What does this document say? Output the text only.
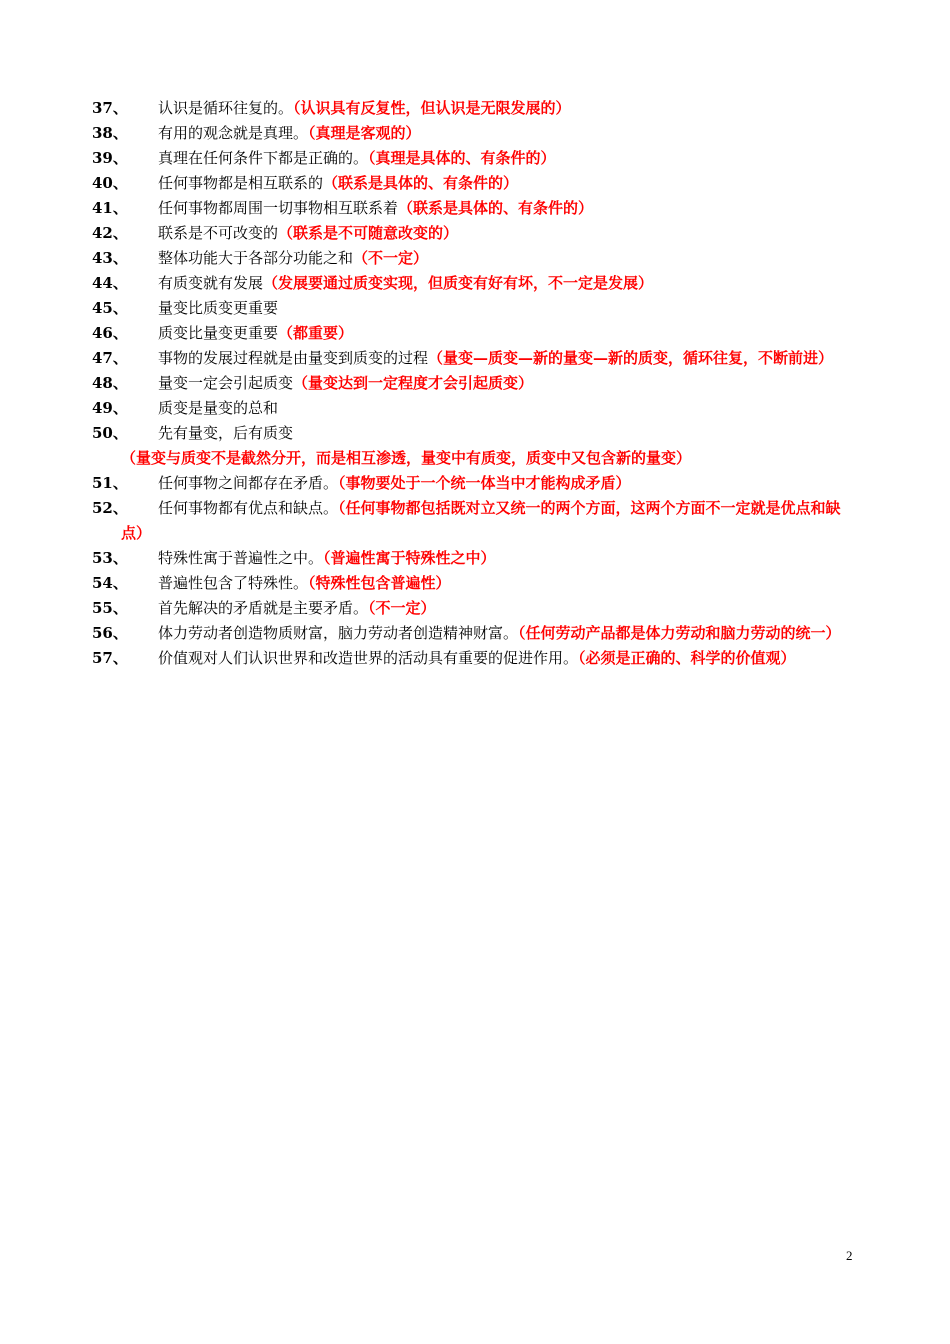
37、	认识是循环往复的。（认识具有反复性，但认识是无限发展的）

38、	有用的观念就是真理。（真理是客观的）

39、	真理在任何条件下都是正确的。（真理是具体的、有条件的）

40、	任何事物都是相互联系的（联系是具体的、有条件的）

41、	任何事物都周围一切事物相互联系着（联系是具体的、有条件的）

42、	联系是不可改变的（联系是不可随意改变的）

43、	整体功能大于各部分功能之和（不一定）

44、	有质变就有发展（发展要通过质变实现，但质变有好有坏，不一定是发展）

45、	量变比质变更重要

46、	质变比量变更重要（都重要）

47、	事物的发展过程就是由量变到质变的过程（量变—质变—新的量变—新的质变，循环往复，不断前进）

48、	量变一定会引起质变（量变达到一定程度才会引起质变）

49、	质变是量变的总和

50、	先有量变，后有质变（量变与质变不是截然分开，而是相互渗透，量变中有质变，质变中又包含新的量变）

51、	任何事物之间都存在矛盾。（事物要处于一个统一体当中才能构成矛盾）

52、	任何事物都有优点和缺点。（任何事物都包括既对立又统一的两个方面，这两个方面不一定就是优点和缺点）

53、	特殊性寓于普遍性之中。（普遍性寓于特殊性之中）

54、	普遍性包含了特殊性。（特殊性包含普遍性）

55、	首先解决的矛盾就是主要矛盾。（不一定）

56、	体力劳动者创造物质财富，脑力劳动者创造精神财富。（任何劳动产品都是体力劳动和脑力劳动的统一）

57、	价值观对人们认识世界和改造世界的活动具有重要的促进作用。（必须是正确的、科学的价值观）

2
